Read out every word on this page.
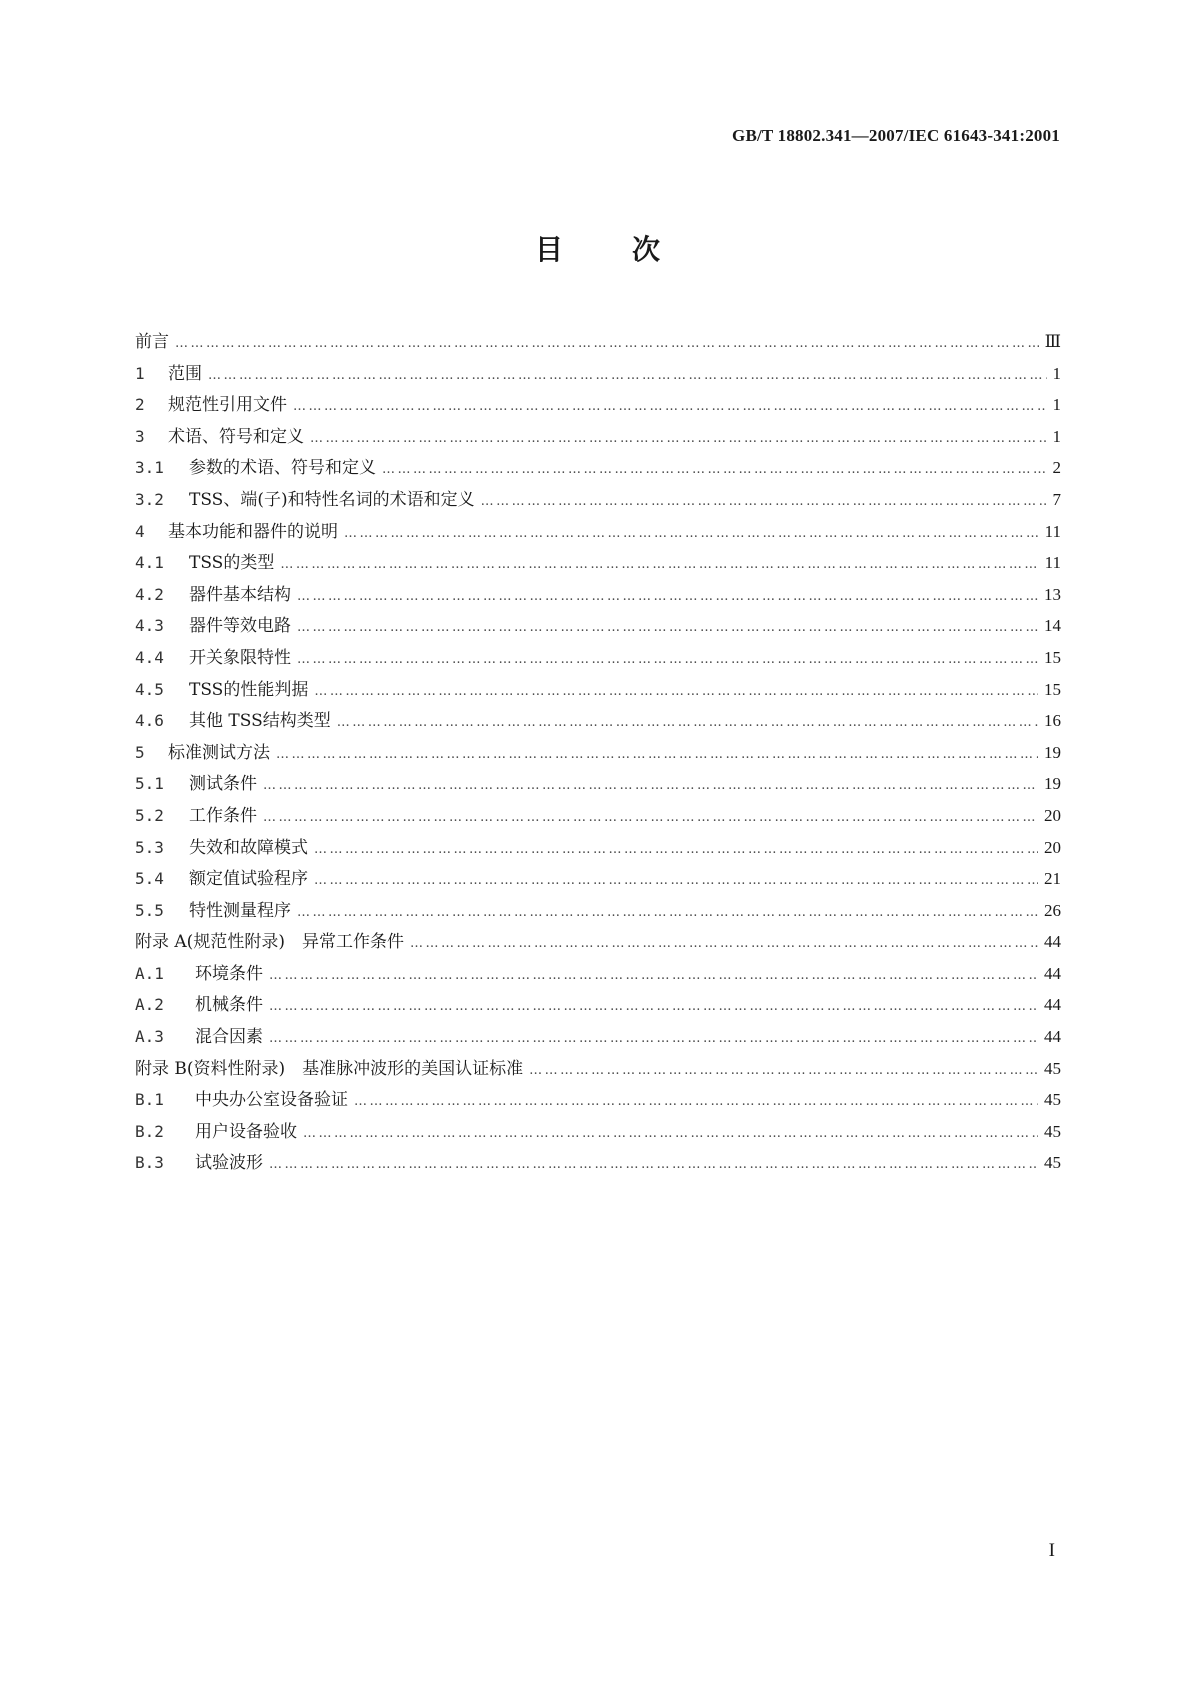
GB/T 18802.341—2007/IEC 61643-341:2001
目 次
前言 ……………………………………………………………………………………………………………………………………………………………………………………………………………………………………………………	Ⅲ
1	范围 ……………………………………………………………………………………………………………………………………………………………………………………………………………………………………………………	1
2	规范性引用文件 ……………………………………………………………………………………………………………………………………………………………………………………………………………………………………………………	1
3	术语、符号和定义 ……………………………………………………………………………………………………………………………………………………………………………………………………………………………………………………	1
3.1	参数的术语、符号和定义 ……………………………………………………………………………………………………………………………………………………………………………………………………………………………………………………	2
3.2	TSS、端(子)和特性名词的术语和定义 ……………………………………………………………………………………………………………………………………………………………………………………………………………………………………………………	7
4	基本功能和器件的说明 ……………………………………………………………………………………………………………………………………………………………………………………………………………………………………………………	11
4.1	TSS的类型 ……………………………………………………………………………………………………………………………………………………………………………………………………………………………………………………	11
4.2	器件基本结构 ……………………………………………………………………………………………………………………………………………………………………………………………………………………………………………………	13
4.3	器件等效电路 ……………………………………………………………………………………………………………………………………………………………………………………………………………………………………………………	14
4.4	开关象限特性 ……………………………………………………………………………………………………………………………………………………………………………………………………………………………………………………	15
4.5	TSS的性能判据 ……………………………………………………………………………………………………………………………………………………………………………………………………………………………………………………	15
4.6	其他 TSS结构类型 ……………………………………………………………………………………………………………………………………………………………………………………………………………………………………………………	16
5	标准测试方法 ……………………………………………………………………………………………………………………………………………………………………………………………………………………………………………………	19
5.1	测试条件 ……………………………………………………………………………………………………………………………………………………………………………………………………………………………………………………	19
5.2	工作条件 ……………………………………………………………………………………………………………………………………………………………………………………………………………………………………………………	20
5.3	失效和故障模式 ……………………………………………………………………………………………………………………………………………………………………………………………………………………………………………………	20
5.4	额定值试验程序 ……………………………………………………………………………………………………………………………………………………………………………………………………………………………………………………	21
5.5	特性测量程序 ……………………………………………………………………………………………………………………………………………………………………………………………………………………………………………………	26
附录 A(规范性附录)　异常工作条件 ……………………………………………………………………………………………………………………………………………………………………………………………………………………………………………………	44
A.1	环境条件 ……………………………………………………………………………………………………………………………………………………………………………………………………………………………………………………	44
A.2	机械条件 ……………………………………………………………………………………………………………………………………………………………………………………………………………………………………………………	44
A.3	混合因素 ……………………………………………………………………………………………………………………………………………………………………………………………………………………………………………………	44
附录 B(资料性附录)　基准脉冲波形的美国认证标准 ……………………………………………………………………………………………………………………………………………………………………………………………………………………………………………………	45
B.1	中央办公室设备验证 ……………………………………………………………………………………………………………………………………………………………………………………………………………………………………………………	45
B.2	用户设备验收 ……………………………………………………………………………………………………………………………………………………………………………………………………………………………………………………	45
B.3	试验波形 ……………………………………………………………………………………………………………………………………………………………………………………………………………………………………………………	45
I
